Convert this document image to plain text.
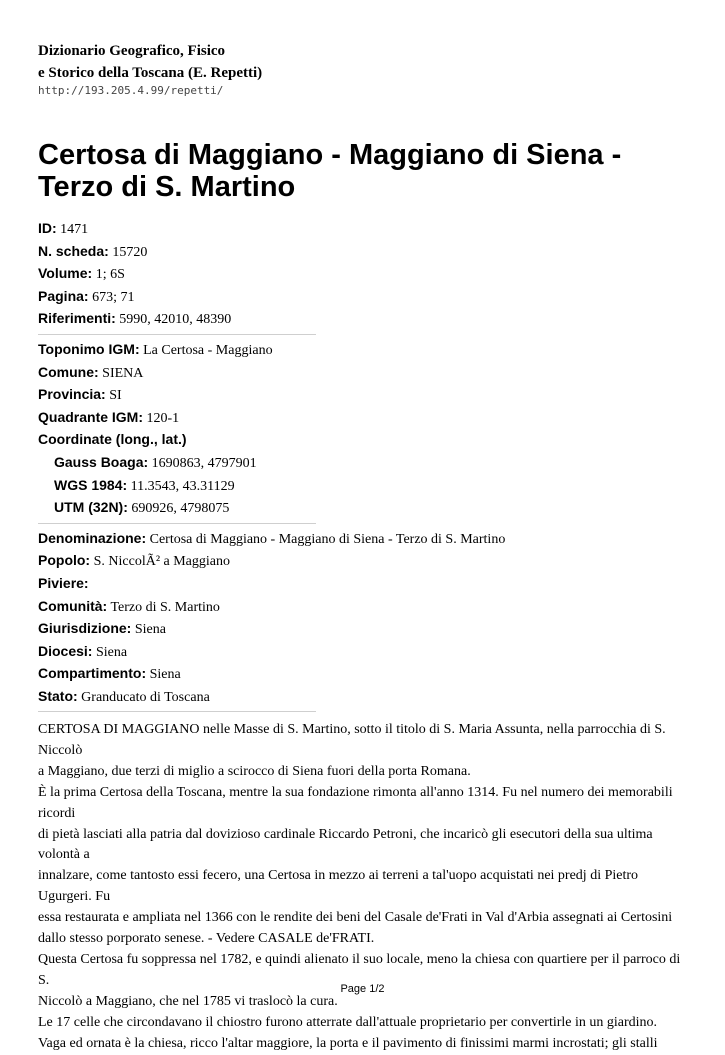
Dizionario Geografico, Fisico
e Storico della Toscana (E. Repetti)
http://193.205.4.99/repetti/
Certosa di Maggiano - Maggiano di Siena - Terzo di S. Martino
ID: 1471
N. scheda: 15720
Volume: 1; 6S
Pagina: 673; 71
Riferimenti: 5990, 42010, 48390
Toponimo IGM: La Certosa - Maggiano
Comune: SIENA
Provincia: SI
Quadrante IGM: 120-1
Coordinate (long., lat.)
Gauss Boaga: 1690863, 4797901
WGS 1984: 11.3543, 43.31129
UTM (32N): 690926, 4798075
Denominazione: Certosa di Maggiano - Maggiano di Siena - Terzo di S. Martino
Popolo: S. NiccolÃ² a Maggiano
Piviere:
Comunità: Terzo di S. Martino
Giurisdizione: Siena
Diocesi: Siena
Compartimento: Siena
Stato: Granducato di Toscana

CERTOSA DI MAGGIANO nelle Masse di S. Martino, sotto il titolo di S. Maria Assunta, nella parrocchia di S. Niccolò

a Maggiano, due terzi di miglio a scirocco di Siena fuori della porta Romana.

È la prima Certosa della Toscana, mentre la sua fondazione rimonta all'anno 1314. Fu nel numero dei memorabili ricordi

di pietà lasciati alla patria dal dovizioso cardinale Riccardo Petroni, che incaricò gli esecutori della sua ultima volontà a

innalzare, come tantosto essi fecero, una Certosa in mezzo ai terreni a tal'uopo acquistati nei predj di Pietro Ugurgeri. Fu

essa restaurata e ampliata nel 1366 con le rendite dei beni del Casale de'Frati in Val d'Arbia assegnati ai Certosini

dallo stesso porporato senese. - Vedere CASALE de'FRATI.

Questa Certosa fu soppressa nel 1782, e quindi alienato il suo locale, meno la chiesa con quartiere per il parroco di S.

Niccolò a Maggiano, che nel 1785 vi traslocò la cura.

Le 17 celle che circondavano il chiostro furono atterrate dall'attuale proprietario per convertirle in un giardino.

Vaga ed ornata è la chiesa, ricco l'altar maggiore, la porta e il pavimento di finissimi marmi incrostati; gli stalli

Page 1/2
